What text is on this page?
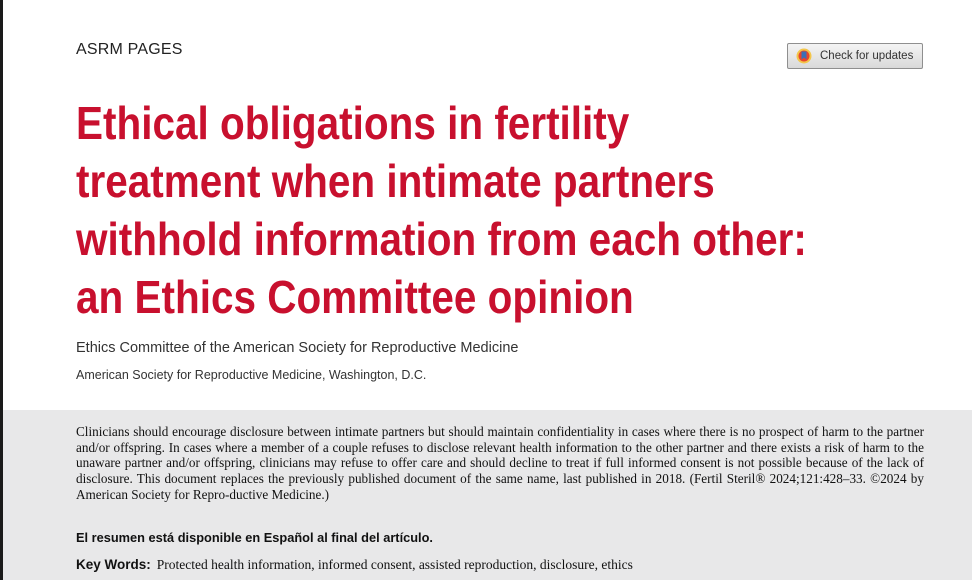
ASRM PAGES	Check for updates
Ethical obligations in fertility
treatment when intimate partners
withhold information from each other:
an Ethics Committee opinion
Ethics Committee of the American Society for Reproductive Medicine
American Society for Reproductive Medicine, Washington, D.C.

Clinicians should encourage disclosure between intimate partners but should maintain confidentiality in cases where there is no prospect of harm to the partner and/or offspring. In cases where a member of a couple refuses to disclose relevant health information to the other partner and there exists a risk of harm to the unaware partner and/or offspring, clinicians may refuse to offer care and should decline to treat if full informed consent is not possible because of the lack of disclosure. This document replaces the previously published document of the same name, last published in 2018. (Fertil Steril® 2024;121:428–33. ©2024 by American Society for Repro-ductive Medicine.)

El resumen está disponible en Español al final del artículo.
Key Words: Protected health information, informed consent, assisted reproduction, disclosure, ethics
